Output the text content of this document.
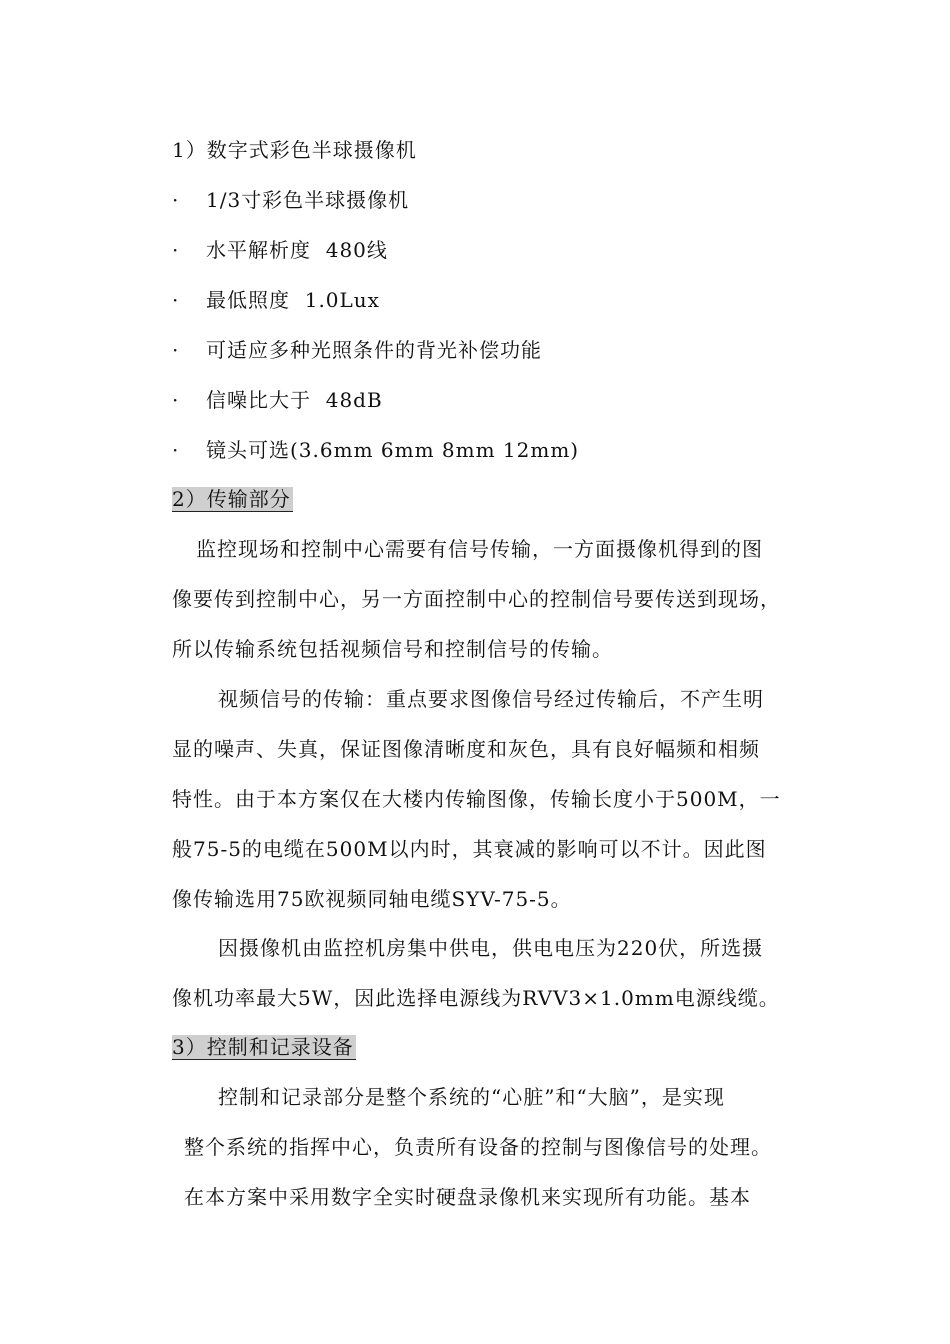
1）数字式彩色半球摄像机
· 1/3寸彩色半球摄像机
· 水平解析度  480线
· 最低照度  1.0Lux
· 可适应多种光照条件的背光补偿功能
· 信噪比大于  48dB
· 镜头可选(3.6mm 6mm 8mm 12mm)
2）传输部分
监控现场和控制中心需要有信号传输，一方面摄像机得到的图
像要传到控制中心，另一方面控制中心的控制信号要传送到现场，
所以传输系统包括视频信号和控制信号的传输。
视频信号的传输：重点要求图像信号经过传输后，不产生明
显的噪声、失真，保证图像清晰度和灰色，具有良好幅频和相频
特性。由于本方案仅在大楼内传输图像，传输长度小于500M，一
般75-5的电缆在500M以内时，其衰减的影响可以不计。因此图
像传输选用75欧视频同轴电缆SYV-75-5。
因摄像机由监控机房集中供电，供电电压为220伏，所选摄
像机功率最大5W，因此选择电源线为RVV3×1.0mm电源线缆。
3）控制和记录设备
控制和记录部分是整个系统的“心脏”和“大脑”，是实现
整个系统的指挥中心，负责所有设备的控制与图像信号的处理。
在本方案中采用数字全实时硬盘录像机来实现所有功能。基本
